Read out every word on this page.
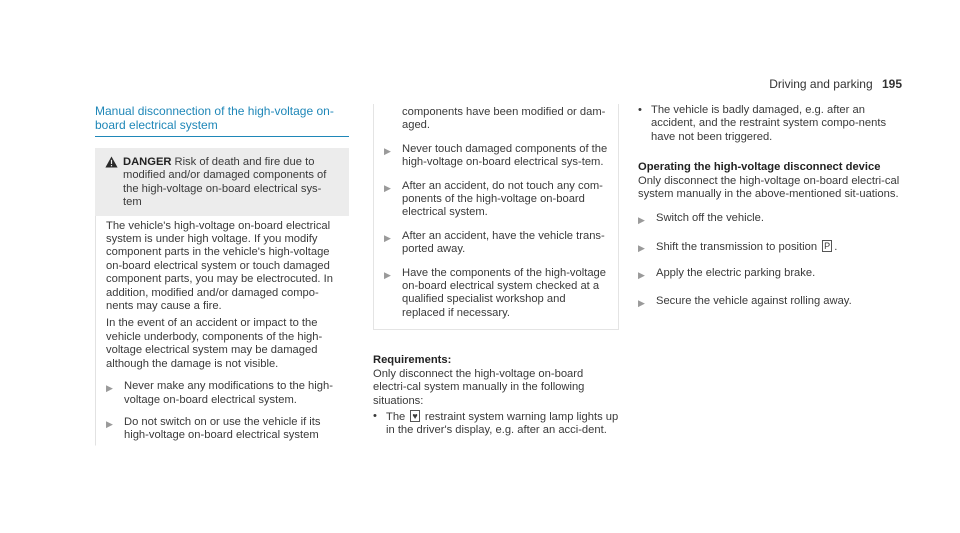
Driving and parking 195
Manual disconnection of the high-voltage on-
board electrical system
DANGER Risk of death and fire due to modified and/or damaged components of the high-voltage on-board electrical sys-tem

The vehicle's high-voltage on-board electrical system is under high voltage. If you modify component parts in the vehicle's high-voltage on-board electrical system or touch damaged component parts, you may be electrocuted. In addition, modified and/or damaged compo-nents may cause a fire.

In the event of an accident or impact to the vehicle underbody, components of the high-voltage electrical system may be damaged although the damage is not visible.

▶ Never make any modifications to the high-voltage on-board electrical system.
▶ Do not switch on or use the vehicle if its high-voltage on-board electrical system
components have been modified or dam-aged.
▶ Never touch damaged components of the high-voltage on-board electrical sys-tem.
▶ After an accident, do not touch any com-ponents of the high-voltage on-board electrical system.
▶ After an accident, have the vehicle trans-ported away.
▶ Have the components of the high-voltage on-board electrical system checked at a qualified specialist workshop and replaced if necessary.
Requirements:
Only disconnect the high-voltage on-board electri-cal system manually in the following situations:
• The ♥ restraint system warning lamp lights up in the driver's display, e.g. after an acci-dent.
• The vehicle is badly damaged, e.g. after an accident, and the restraint system compo-nents have not been triggered.
Operating the high-voltage disconnect device
Only disconnect the high-voltage on-board electri-cal system manually in the above-mentioned sit-uations.
▶ Switch off the vehicle.
▶ Shift the transmission to position P .
▶ Apply the electric parking brake.
▶ Secure the vehicle against rolling away.
